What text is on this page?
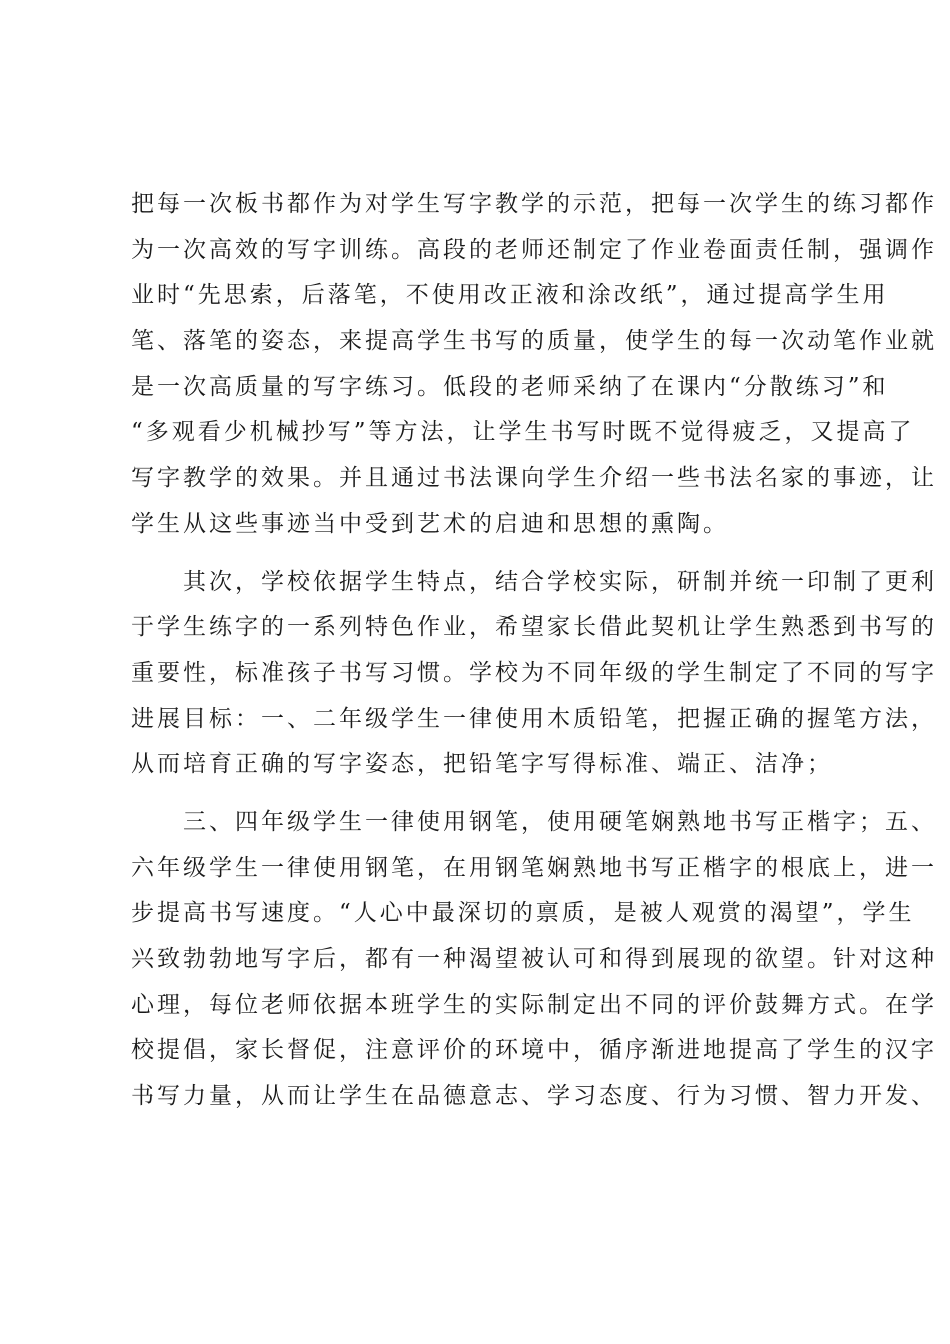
把每一次板书都作为对学生写字教学的示范，把每一次学生的练习都作
为一次高效的写字训练。高段的老师还制定了作业卷面责任制，强调作
业时“先思索，后落笔，不使用改正液和涂改纸”，通过提高学生用
笔、落笔的姿态，来提高学生书写的质量，使学生的每一次动笔作业就
是一次高质量的写字练习。低段的老师采纳了在课内“分散练习”和
“多观看少机械抄写”等方法，让学生书写时既不觉得疲乏，又提高了
写字教学的效果。并且通过书法课向学生介绍一些书法名家的事迹，让
学生从这些事迹当中受到艺术的启迪和思想的熏陶。
　　其次，学校依据学生特点，结合学校实际，研制并统一印制了更利
于学生练字的一系列特色作业，希望家长借此契机让学生熟悉到书写的
重要性，标准孩子书写习惯。学校为不同年级的学生制定了不同的写字
进展目标：一、二年级学生一律使用木质铅笔，把握正确的握笔方法，
从而培育正确的写字姿态，把铅笔字写得标准、端正、洁净；
　　三、四年级学生一律使用钢笔，使用硬笔娴熟地书写正楷字；五、
六年级学生一律使用钢笔，在用钢笔娴熟地书写正楷字的根底上，进一
步提高书写速度。“人心中最深切的禀质，是被人观赏的渴望”，学生
兴致勃勃地写字后，都有一种渴望被认可和得到展现的欲望。针对这种
心理，每位老师依据本班学生的实际制定出不同的评价鼓舞方式。在学
校提倡，家长督促，注意评价的环境中，循序渐进地提高了学生的汉字
书写力量，从而让学生在品德意志、学习态度、行为习惯、智力开发、
